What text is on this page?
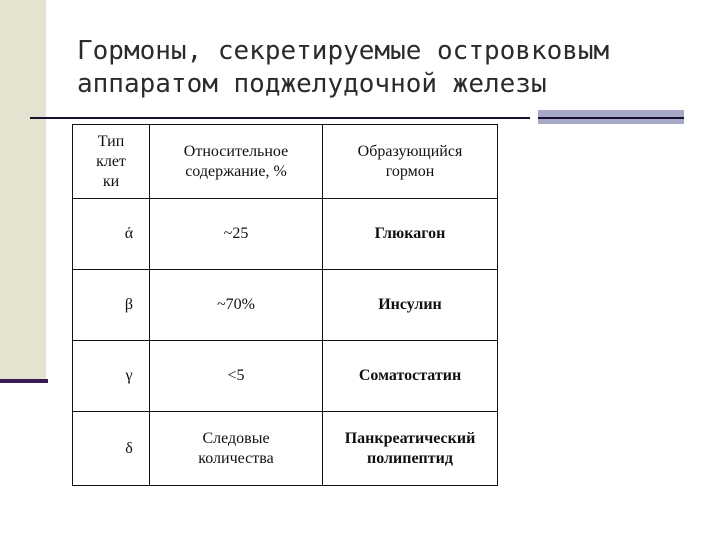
Гормоны, секретируемые островковым
аппаратом поджелудочной железы
Тип клетки	Относительное содержание, %	Образующийся гормон
ά	~25	Глюкагон
β	~70%	Инсулин
γ	<5	Соматостатин
δ	Следовые количества	Панкреатический полипептид
